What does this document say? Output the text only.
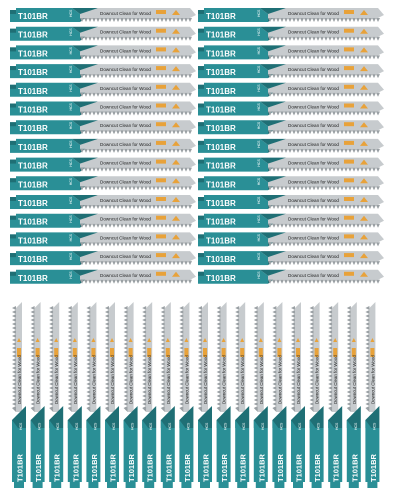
T101BR	HCS	Downcut Clean for Wood
T101BR	HCS	Downcut Clean for Wood
T101BR	HCS	Downcut Clean for Wood
T101BR	HCS	Downcut Clean for Wood
T101BR	HCS	Downcut Clean for Wood
T101BR	HCS	Downcut Clean for Wood
T101BR	HCS	Downcut Clean for Wood
T101BR	HCS	Downcut Clean for Wood
T101BR	HCS	Downcut Clean for Wood
T101BR	HCS	Downcut Clean for Wood
T101BR	HCS	Downcut Clean for Wood
T101BR	HCS	Downcut Clean for Wood
T101BR	HCS	Downcut Clean for Wood
T101BR	HCS	Downcut Clean for Wood
T101BR	HCS	Downcut Clean for Wood
T101BR	HCS	Downcut Clean for Wood
T101BR	HCS	Downcut Clean for Wood
T101BR	HCS	Downcut Clean for Wood
T101BR	HCS	Downcut Clean for Wood
T101BR	HCS	Downcut Clean for Wood
T101BR	HCS	Downcut Clean for Wood
T101BR	HCS	Downcut Clean for Wood
T101BR	HCS	Downcut Clean for Wood
T101BR	HCS	Downcut Clean for Wood
T101BR	HCS	Downcut Clean for Wood
T101BR	HCS	Downcut Clean for Wood
T101BR	HCS	Downcut Clean for Wood
T101BR	HCS	Downcut Clean for Wood
T101BR	HCS	Downcut Clean for Wood
T101BR	HCS	Downcut Clean for Wood
Downcut Clean for Wood
HCS
T101BR
Downcut Clean for Wood
HCS
T101BR
Downcut Clean for Wood
HCS
T101BR
Downcut Clean for Wood
HCS
T101BR
Downcut Clean for Wood
HCS
T101BR
Downcut Clean for Wood
HCS
T101BR
Downcut Clean for Wood
HCS
T101BR
Downcut Clean for Wood
HCS
T101BR
Downcut Clean for Wood
HCS
T101BR
Downcut Clean for Wood
HCS
T101BR
Downcut Clean for Wood
HCS
T101BR
Downcut Clean for Wood
HCS
T101BR
Downcut Clean for Wood
HCS
T101BR
Downcut Clean for Wood
HCS
T101BR
Downcut Clean for Wood
HCS
T101BR
Downcut Clean for Wood
HCS
T101BR
Downcut Clean for Wood
HCS
T101BR
Downcut Clean for Wood
HCS
T101BR
Downcut Clean for Wood
HCS
T101BR
Downcut Clean for Wood
HCS
T101BR
